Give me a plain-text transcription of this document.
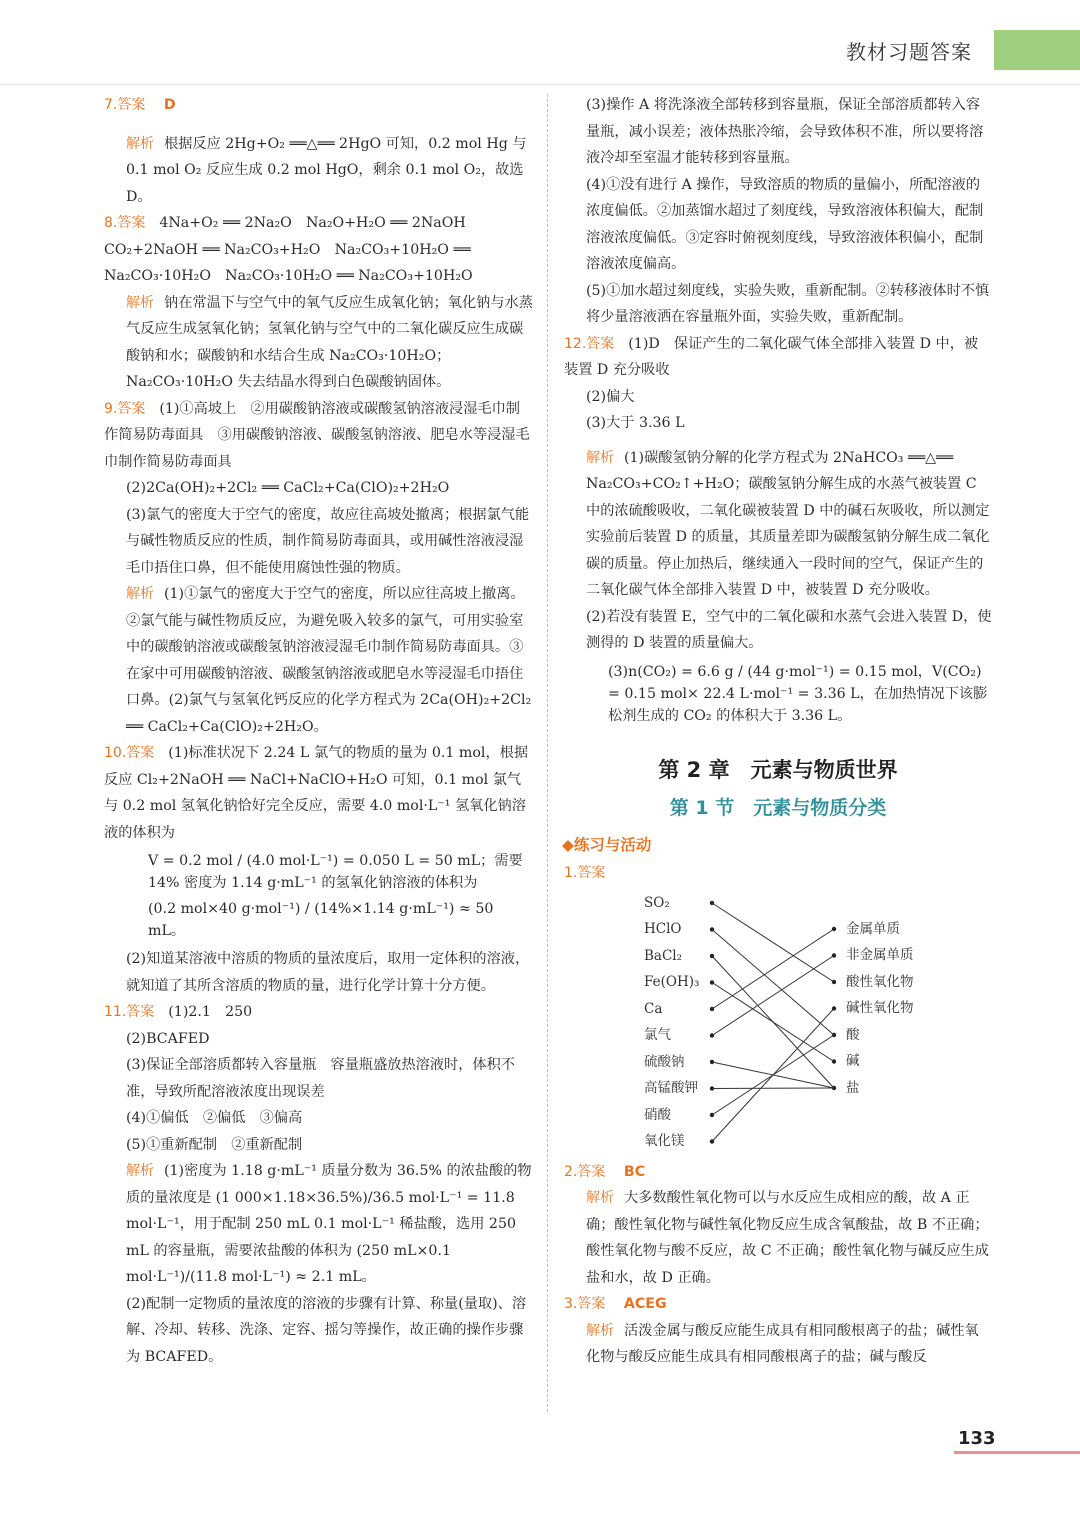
教材习题答案

7.答案 D

解析 根据反应 2Hg+O₂ ══△══ 2HgO 可知，0.2 mol Hg 与 0.1 mol O₂ 反应生成 0.2 mol HgO，剩余 0.1 mol O₂，故选 D。

8.答案 4Na+O₂ ══ 2Na₂O　Na₂O+H₂O ══ 2NaOH　CO₂+2NaOH ══ Na₂CO₃+H₂O　Na₂CO₃+10H₂O ══ Na₂CO₃·10H₂O　Na₂CO₃·10H₂O ══ Na₂CO₃+10H₂O

解析 钠在常温下与空气中的氧气反应生成氧化钠；氧化钠与水蒸气反应生成氢氧化钠；氢氧化钠与空气中的二氧化碳反应生成碳酸钠和水；碳酸钠和水结合生成 Na₂CO₃·10H₂O；Na₂CO₃·10H₂O 失去结晶水得到白色碳酸钠固体。

9.答案 (1)①高坡上　②用碳酸钠溶液或碳酸氢钠溶液浸湿毛巾制作简易防毒面具　③用碳酸钠溶液、碳酸氢钠溶液、肥皂水等浸湿毛巾制作简易防毒面具

(2)2Ca(OH)₂+2Cl₂ ══ CaCl₂+Ca(ClO)₂+2H₂O

(3)氯气的密度大于空气的密度，故应往高坡处撤离；根据氯气能与碱性物质反应的性质，制作简易防毒面具，或用碱性溶液浸湿毛巾捂住口鼻，但不能使用腐蚀性强的物质。

解析 (1)①氯气的密度大于空气的密度，所以应往高坡上撤离。②氯气能与碱性物质反应，为避免吸入较多的氯气，可用实验室中的碳酸钠溶液或碳酸氢钠溶液浸湿毛巾制作简易防毒面具。③在家中可用碳酸钠溶液、碳酸氢钠溶液或肥皂水等浸湿毛巾捂住口鼻。(2)氯气与氢氧化钙反应的化学方程式为 2Ca(OH)₂+2Cl₂ ══ CaCl₂+Ca(ClO)₂+2H₂O。

10.答案 (1)标准状况下 2.24 L 氯气的物质的量为 0.1 mol，根据反应 Cl₂+2NaOH ══ NaCl+NaClO+H₂O 可知，0.1 mol 氯气与 0.2 mol 氢氧化钠恰好完全反应，需要 4.0 mol·L⁻¹ 氢氧化钠溶液的体积为

V = 0.2 mol / (4.0 mol·L⁻¹) = 0.050 L = 50 mL；需要 14% 密度为 1.14 g·mL⁻¹ 的氢氧化钠溶液的体积为

(0.2 mol×40 g·mol⁻¹) / (14%×1.14 g·mL⁻¹) ≈ 50 mL。

(2)知道某溶液中溶质的物质的量浓度后，取用一定体积的溶液，就知道了其所含溶质的物质的量，进行化学计算十分方便。

11.答案 (1)2.1　250

(2)BCAFED

(3)保证全部溶质都转入容量瓶　容量瓶盛放热溶液时，体积不准，导致所配溶液浓度出现误差

(4)①偏低　②偏低　③偏高

(5)①重新配制　②重新配制

解析 (1)密度为 1.18 g·mL⁻¹ 质量分数为 36.5% 的浓盐酸的物质的量浓度是 (1 000×1.18×36.5%)/36.5 mol·L⁻¹ = 11.8 mol·L⁻¹，用于配制 250 mL 0.1 mol·L⁻¹ 稀盐酸，选用 250 mL 的容量瓶，需要浓盐酸的体积为 (250 mL×0.1 mol·L⁻¹)/(11.8 mol·L⁻¹) ≈ 2.1 mL。

(2)配制一定物质的量浓度的溶液的步骤有计算、称量(量取)、溶解、冷却、转移、洗涤、定容、摇匀等操作，故正确的操作步骤为 BCAFED。

(3)操作 A 将洗涤液全部转移到容量瓶，保证全部溶质都转入容量瓶，减小误差；液体热胀冷缩，会导致体积不准，所以要将溶液冷却至室温才能转移到容量瓶。

(4)①没有进行 A 操作，导致溶质的物质的量偏小，所配溶液的浓度偏低。②加蒸馏水超过了刻度线，导致溶液体积偏大，配制溶液浓度偏低。③定容时俯视刻度线，导致溶液体积偏小，配制溶液浓度偏高。

(5)①加水超过刻度线，实验失败，重新配制。②转移液体时不慎将少量溶液洒在容量瓶外面，实验失败，重新配制。

12.答案 (1)D　保证产生的二氧化碳气体全部排入装置 D 中，被装置 D 充分吸收

(2)偏大

(3)大于 3.36 L

解析 (1)碳酸氢钠分解的化学方程式为 2NaHCO₃ ══△══ Na₂CO₃+CO₂↑+H₂O；碳酸氢钠分解生成的水蒸气被装置 C 中的浓硫酸吸收，二氧化碳被装置 D 中的碱石灰吸收，所以测定实验前后装置 D 的质量，其质量差即为碳酸氢钠分解生成二氧化碳的质量。停止加热后，继续通入一段时间的空气，保证产生的二氧化碳气体全部排入装置 D 中，被装置 D 充分吸收。

(2)若没有装置 E，空气中的二氧化碳和水蒸气会进入装置 D，使测得的 D 装置的质量偏大。

(3)n(CO₂) = 6.6 g / (44 g·mol⁻¹) = 0.15 mol，V(CO₂) = 0.15 mol× 22.4 L·mol⁻¹ = 3.36 L，在加热情况下该膨松剂生成的 CO₂ 的体积大于 3.36 L。

第 2 章　元素与物质世界
第 1 节　元素与物质分类
◆练习与活动

1.答案

SO₂
HClO
BaCl₂
Fe(OH)₃
Ca
氯气
硫酸钠
高锰酸钾
硝酸
氧化镁
金属单质
非金属单质
酸性氧化物
碱性氧化物
酸
碱
盐

2.答案 BC

解析 大多数酸性氧化物可以与水反应生成相应的酸，故 A 正确；酸性氧化物与碱性氧化物反应生成含氧酸盐，故 B 不正确；酸性氧化物与酸不反应，故 C 不正确；酸性氧化物与碱反应生成盐和水，故 D 正确。

3.答案 ACEG

解析 活泼金属与酸反应能生成具有相同酸根离子的盐；碱性氧化物与酸反应能生成具有相同酸根离子的盐；碱与酸反

133
